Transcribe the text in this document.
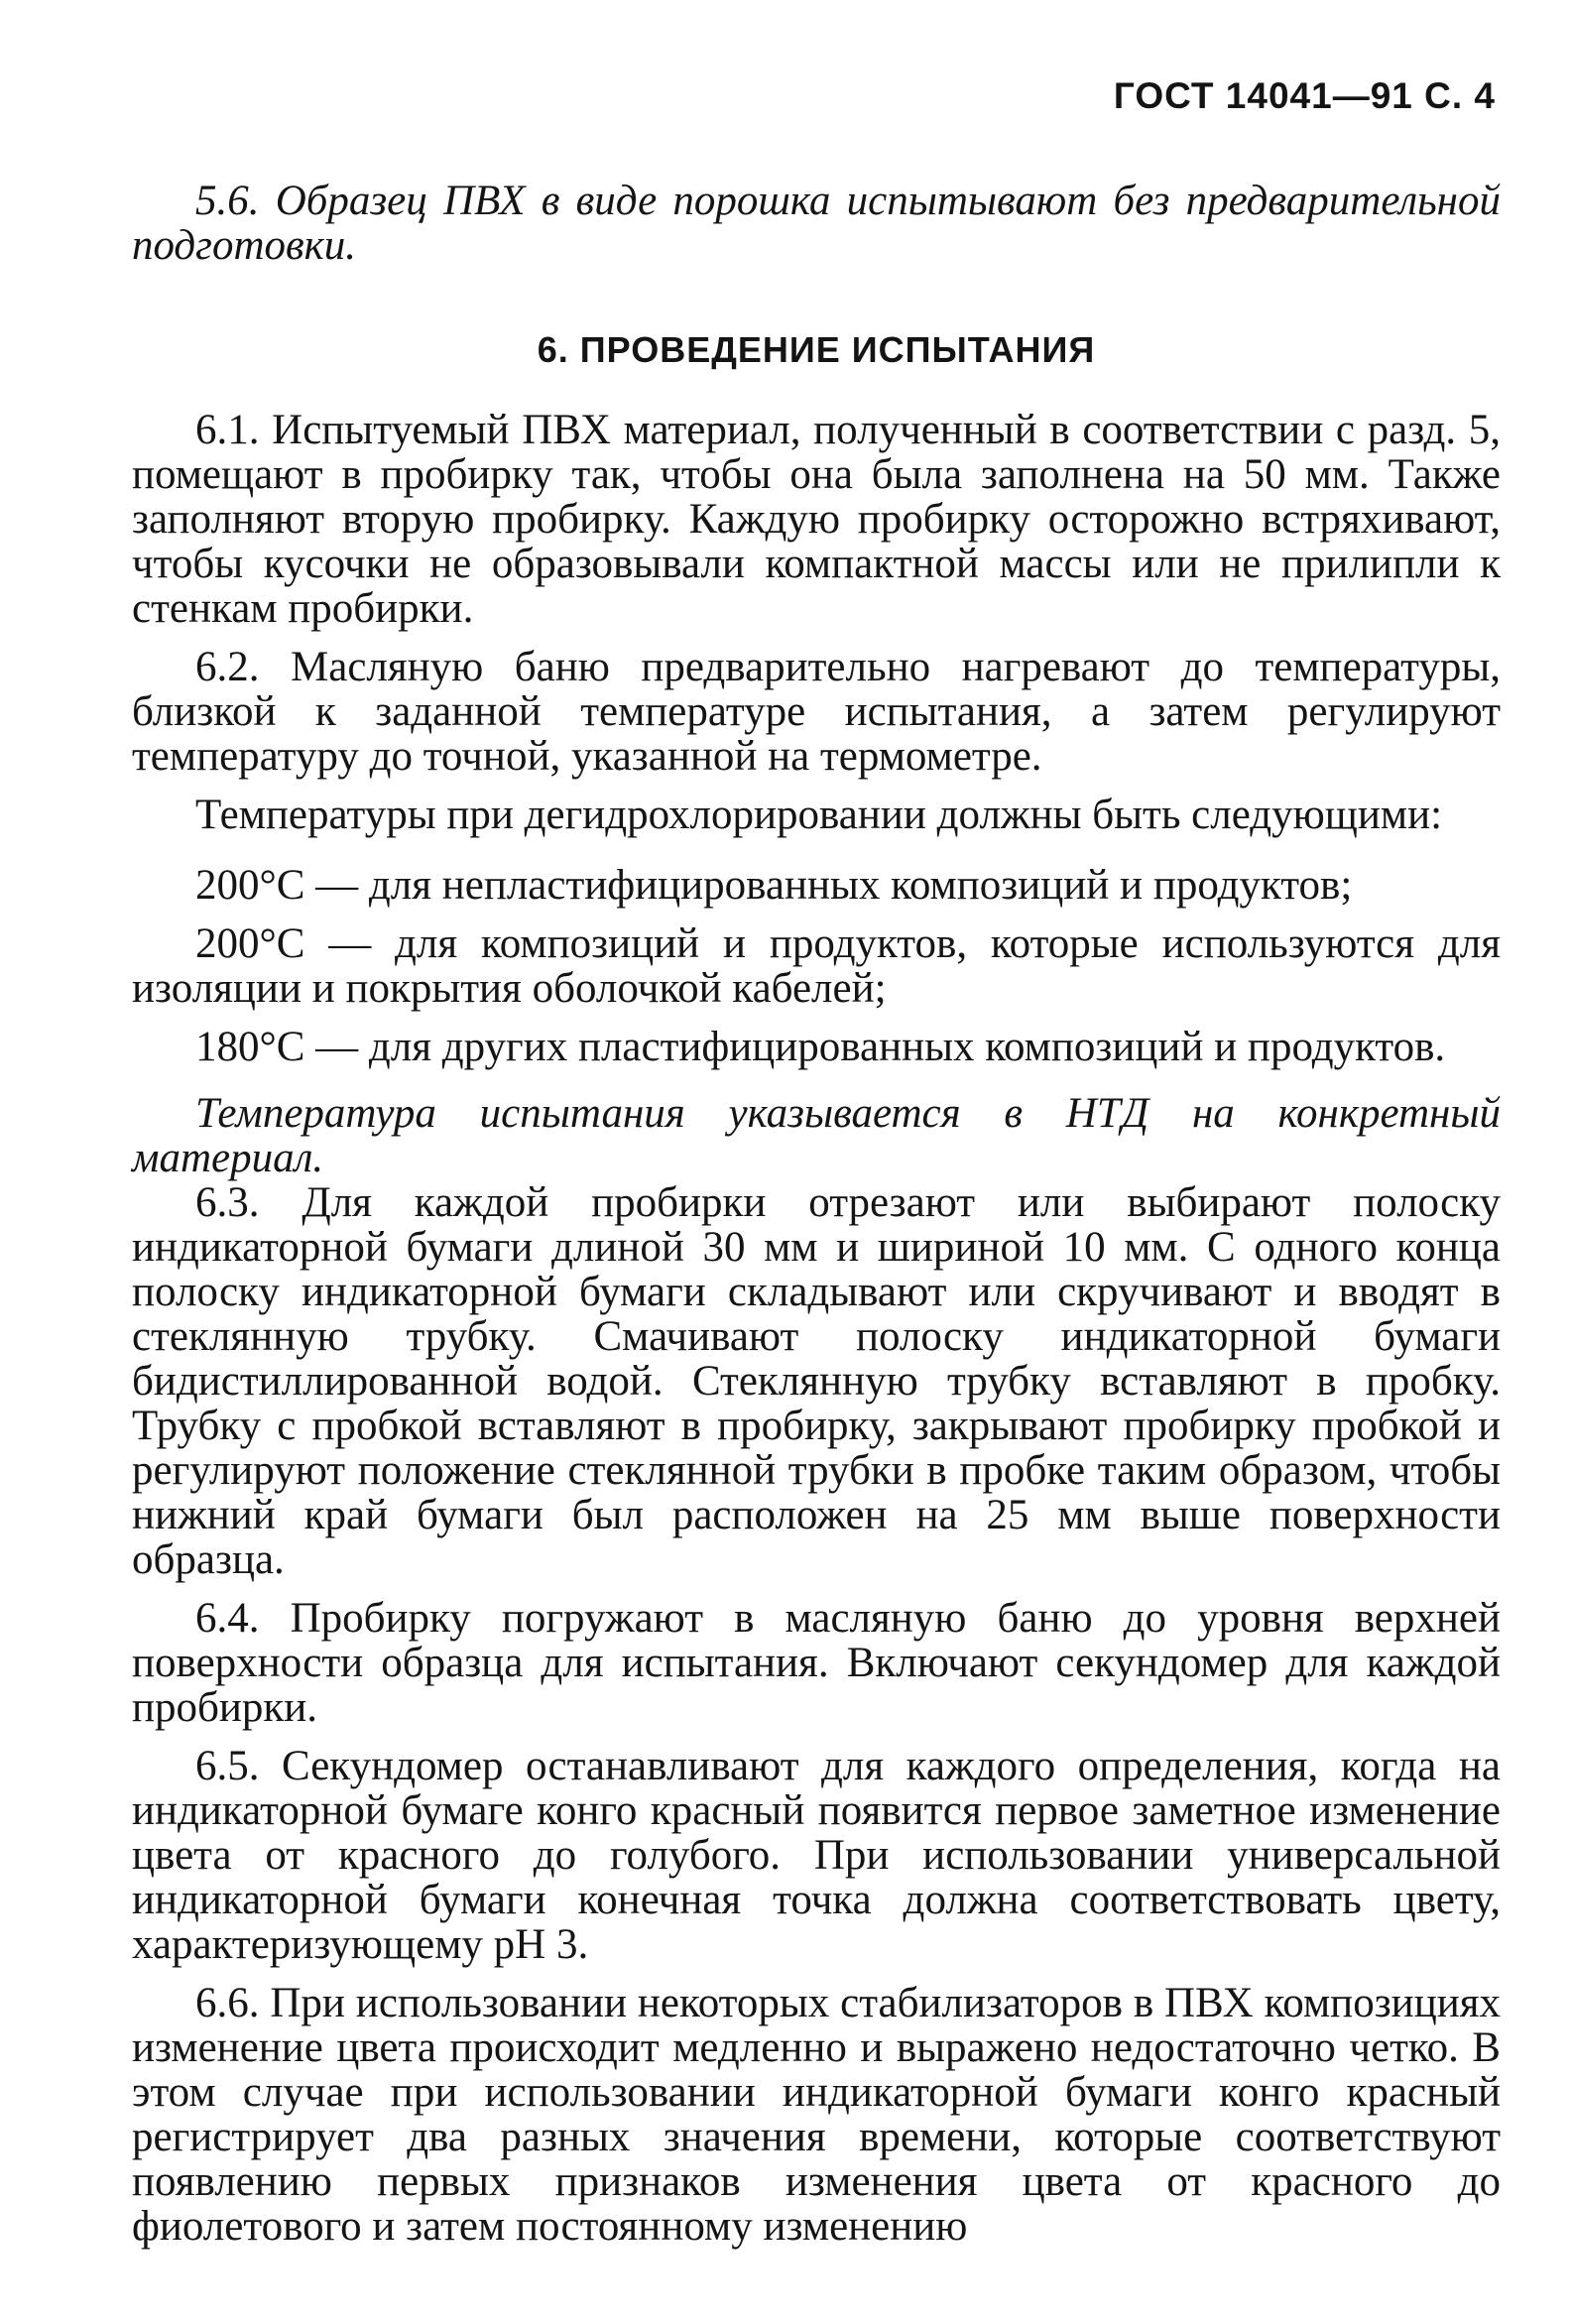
ГОСТ 14041—91 С. 4

5.6. Образец ПВХ в виде порошка испытывают без предварительной подготовки.

6. ПРОВЕДЕНИЕ ИСПЫТАНИЯ

6.1. Испытуемый ПВХ материал, полученный в соответствии с разд. 5, помещают в пробирку так, чтобы она была заполнена на 50 мм. Также заполняют вторую пробирку. Каждую пробирку осторожно встряхивают, чтобы кусочки не образовывали компактной массы или не прилипли к стенкам пробирки.

6.2. Масляную баню предварительно нагревают до температуры, близкой к заданной температуре испытания, а затем регулируют температуру до точной, указанной на термометре.

Температуры при дегидрохлорировании должны быть следующими:

200°С — для непластифицированных композиций и продуктов;

200°С — для композиций и продуктов, которые используются для изоляции и покрытия оболочкой кабелей;

180°С — для других пластифицированных композиций и продуктов.

Температура испытания указывается в НТД на конкретный материал.

6.3. Для каждой пробирки отрезают или выбирают полоску индикаторной бумаги длиной 30 мм и шириной 10 мм. С одного конца полоску индикаторной бумаги складывают или скручивают и вводят в стеклянную трубку. Смачивают полоску индикаторной бумаги бидистиллированной водой. Стеклянную трубку вставляют в пробку. Трубку с пробкой вставляют в пробирку, закрывают пробирку пробкой и регулируют положение стеклянной трубки в пробке таким образом, чтобы нижний край бумаги был расположен на 25 мм выше поверхности образца.

6.4. Пробирку погружают в масляную баню до уровня верхней поверхности образца для испытания. Включают секундомер для каждой пробирки.

6.5. Секундомер останавливают для каждого определения, когда на индикаторной бумаге конго красный появится первое заметное изменение цвета от красного до голубого. При использовании универсальной индикаторной бумаги конечная точка должна соответствовать цвету, характеризующему рН 3.

6.6. При использовании некоторых стабилизаторов в ПВХ композициях изменение цвета происходит медленно и выражено недостаточно четко. В этом случае при использовании индикаторной бумаги конго красный регистрирует два разных значения времени, которые соответствуют появлению первых признаков изменения цвета от красного до фиолетового и затем постоянному изменению
